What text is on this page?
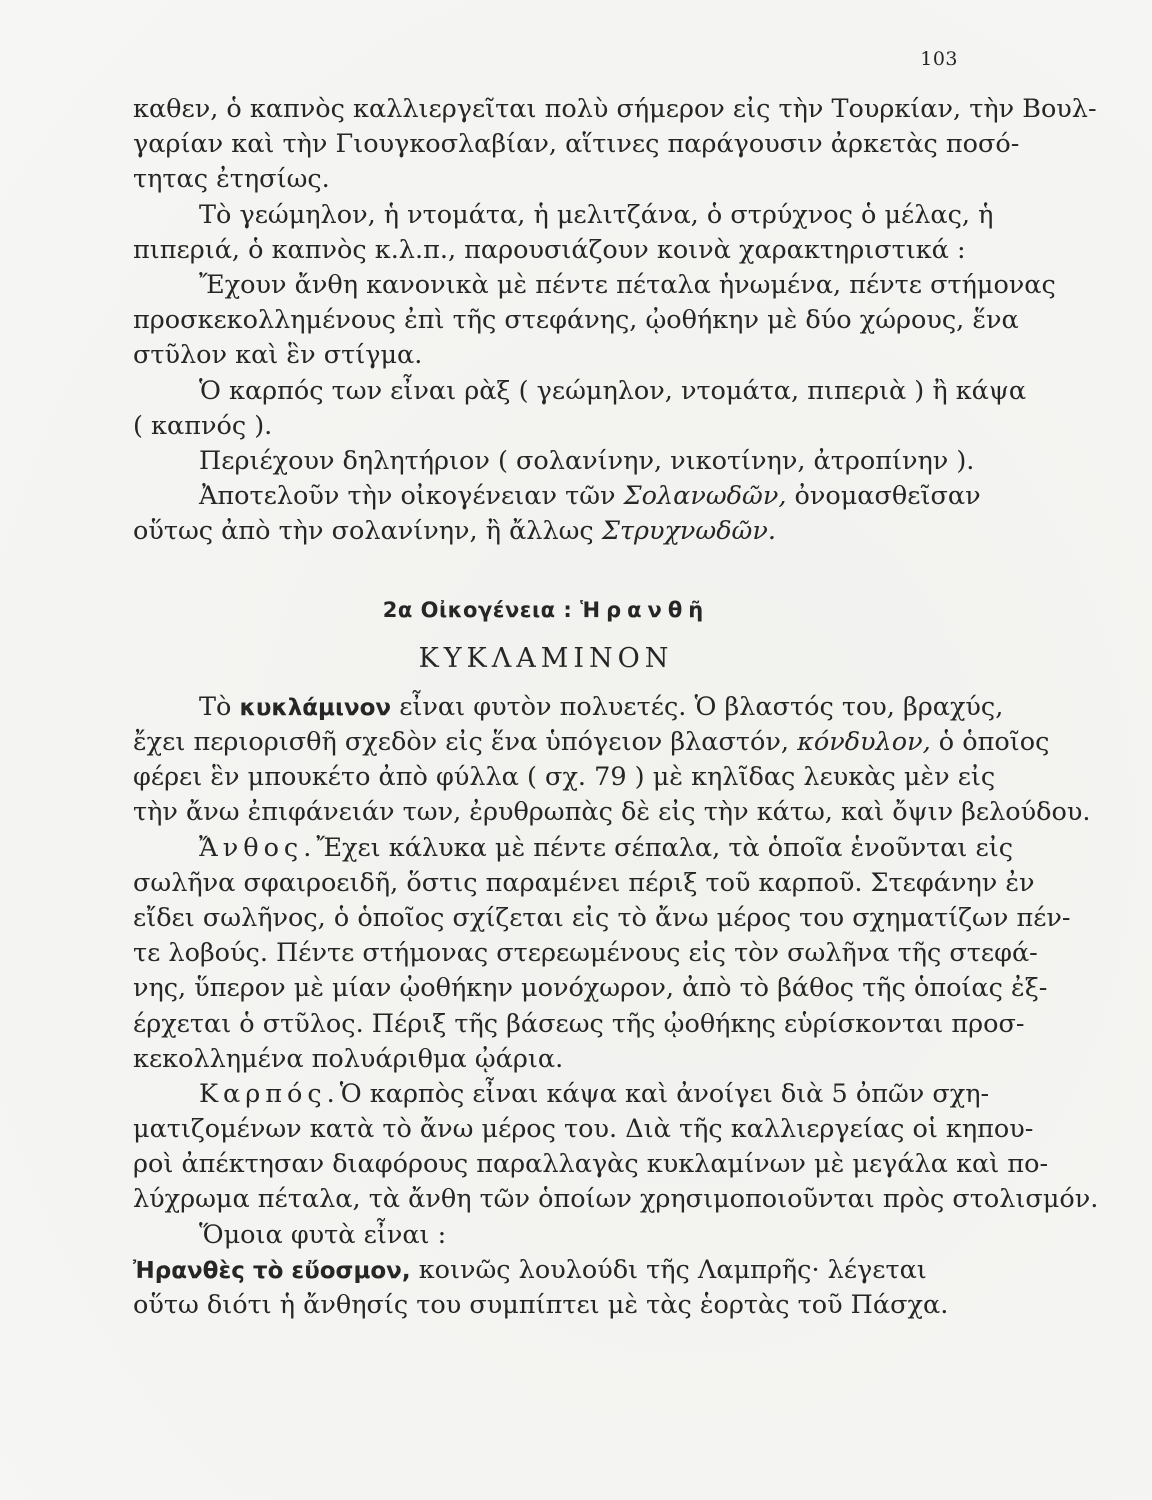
103
καθεν, ὁ καπνὸς καλλιεργεῖται πολὺ σήμερον εἰς τὴν Τουρκίαν, τὴν Βουλ-
γαρίαν καὶ τὴν Γιουγκοσλαβίαν, αἵτινες παράγουσιν ἀρκετὰς ποσό-
τητας ἐτησίως.
Τὸ γεώμηλον, ἡ ντομάτα, ἡ μελιτζάνα, ὁ στρύχνος ὁ μέλας, ἡ
πιπεριά, ὁ καπνὸς κ.λ.π., παρουσιάζουν κοινὰ χαρακτηριστικά :
Ἔχουν ἄνθη κανονικὰ μὲ πέντε πέταλα ἡνωμένα, πέντε στήμονας
προσκεκολλημένους ἐπὶ τῆς στεφάνης, ᾠοθήκην μὲ δύο χώρους, ἕνα
στῦλον καὶ ἓν στίγμα.
Ὁ καρπός των εἶναι ρὰξ ( γεώμηλον, ντομάτα, πιπεριὰ ) ἢ κάψα
( καπνός ).
Περιέχουν δηλητήριον ( σολανίνην, νικοτίνην, ἀτροπίνην ).
Ἀποτελοῦν τὴν οἰκογένειαν τῶν Σολανωδῶν, ὀνομασθεῖσαν
οὕτως ἀπὸ τὴν σολανίνην, ἢ ἄλλως Στρυχνωδῶν.
2α Οἰκογένεια : Ἡρανθῆ
ΚΥΚΛΑΜΙΝΟΝ
Τὸ κυκλάμινον εἶναι φυτὸν πολυετές. Ὁ βλαστός του, βραχύς,
ἔχει περιορισθῆ σχεδὸν εἰς ἕνα ὑπόγειον βλαστόν, κόνδυλον, ὁ ὁποῖος
φέρει ἓν μπουκέτο ἀπὸ φύλλα ( σχ. 79 ) μὲ κηλῖδας λευκὰς μὲν εἰς
τὴν ἄνω ἐπιφάνειάν των, ἐρυθρωπὰς δὲ εἰς τὴν κάτω, καὶ ὄψιν βελούδου.
Ἄνθος.Ἔχει κάλυκα μὲ πέντε σέπαλα, τὰ ὁποῖα ἑνοῦνται εἰς
σωλῆνα σφαιροειδῆ, ὅστις παραμένει πέριξ τοῦ καρποῦ. Στεφάνην ἐν
εἴδει σωλῆνος, ὁ ὁποῖος σχίζεται εἰς τὸ ἄνω μέρος του σχηματίζων πέν-
τε λοβούς. Πέντε στήμονας στερεωμένους εἰς τὸν σωλῆνα τῆς στεφά-
νης, ὕπερον μὲ μίαν ᾠοθήκην μονόχωρον, ἀπὸ τὸ βάθος τῆς ὁποίας ἐξ-
έρχεται ὁ στῦλος. Πέριξ τῆς βάσεως τῆς ᾠοθήκης εὑρίσκονται προσ-
κεκολλημένα πολυάριθμα ᾠάρια.
Καρπός.Ὁ καρπὸς εἶναι κάψα καὶ ἀνοίγει διὰ 5 ὀπῶν σχη-
ματιζομένων κατὰ τὸ ἄνω μέρος του. Διὰ τῆς καλλιεργείας οἱ κηπου-
ροὶ ἀπέκτησαν διαφόρους παραλλαγὰς κυκλαμίνων μὲ μεγάλα καὶ πο-
λύχρωμα πέταλα, τὰ ἄνθη τῶν ὁποίων χρησιμοποιοῦνται πρὸς στολισμόν.
Ὅμοια φυτὰ εἶναι :
Ἠρανθὲς τὸ εὔοσμον, κοινῶς λουλούδι τῆς Λαμπρῆς· λέγεται
οὕτω διότι ἡ ἄνθησίς του συμπίπτει μὲ τὰς ἑορτὰς τοῦ Πάσχα.
